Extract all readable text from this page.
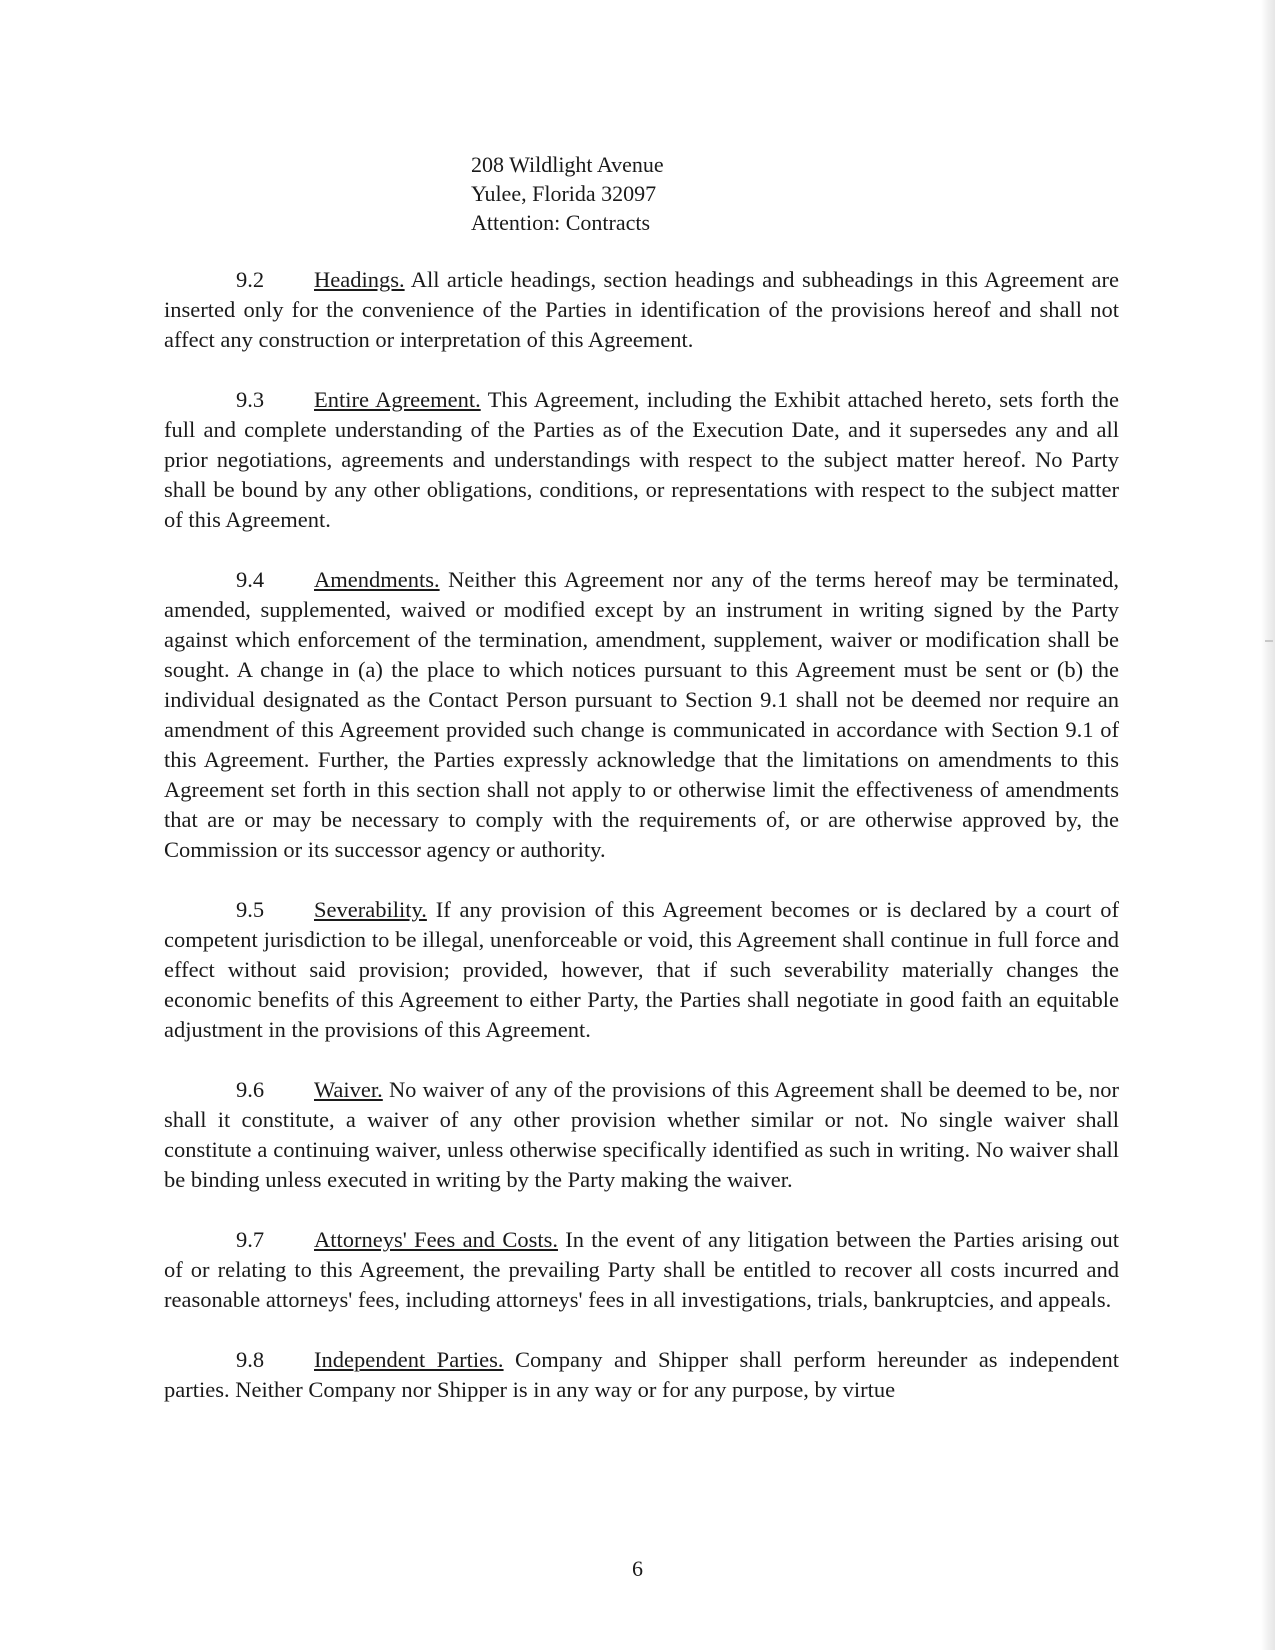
208 Wildlight Avenue
Yulee, Florida 32097
Attention: Contracts

9.2 Headings. All article headings, section headings and subheadings in this Agreement are inserted only for the convenience of the Parties in identification of the provisions hereof and shall not affect any construction or interpretation of this Agreement.

9.3 Entire Agreement. This Agreement, including the Exhibit attached hereto, sets forth the full and complete understanding of the Parties as of the Execution Date, and it supersedes any and all prior negotiations, agreements and understandings with respect to the subject matter hereof. No Party shall be bound by any other obligations, conditions, or representations with respect to the subject matter of this Agreement.

9.4 Amendments. Neither this Agreement nor any of the terms hereof may be terminated, amended, supplemented, waived or modified except by an instrument in writing signed by the Party against which enforcement of the termination, amendment, supplement, waiver or modification shall be sought. A change in (a) the place to which notices pursuant to this Agreement must be sent or (b) the individual designated as the Contact Person pursuant to Section 9.1 shall not be deemed nor require an amendment of this Agreement provided such change is communicated in accordance with Section 9.1 of this Agreement. Further, the Parties expressly acknowledge that the limitations on amendments to this Agreement set forth in this section shall not apply to or otherwise limit the effectiveness of amendments that are or may be necessary to comply with the requirements of, or are otherwise approved by, the Commission or its successor agency or authority.

9.5 Severability. If any provision of this Agreement becomes or is declared by a court of competent jurisdiction to be illegal, unenforceable or void, this Agreement shall continue in full force and effect without said provision; provided, however, that if such severability materially changes the economic benefits of this Agreement to either Party, the Parties shall negotiate in good faith an equitable adjustment in the provisions of this Agreement.

9.6 Waiver. No waiver of any of the provisions of this Agreement shall be deemed to be, nor shall it constitute, a waiver of any other provision whether similar or not. No single waiver shall constitute a continuing waiver, unless otherwise specifically identified as such in writing. No waiver shall be binding unless executed in writing by the Party making the waiver.

9.7 Attorneys' Fees and Costs. In the event of any litigation between the Parties arising out of or relating to this Agreement, the prevailing Party shall be entitled to recover all costs incurred and reasonable attorneys' fees, including attorneys' fees in all investigations, trials, bankruptcies, and appeals.

9.8 Independent Parties. Company and Shipper shall perform hereunder as independent parties. Neither Company nor Shipper is in any way or for any purpose, by virtue

6
